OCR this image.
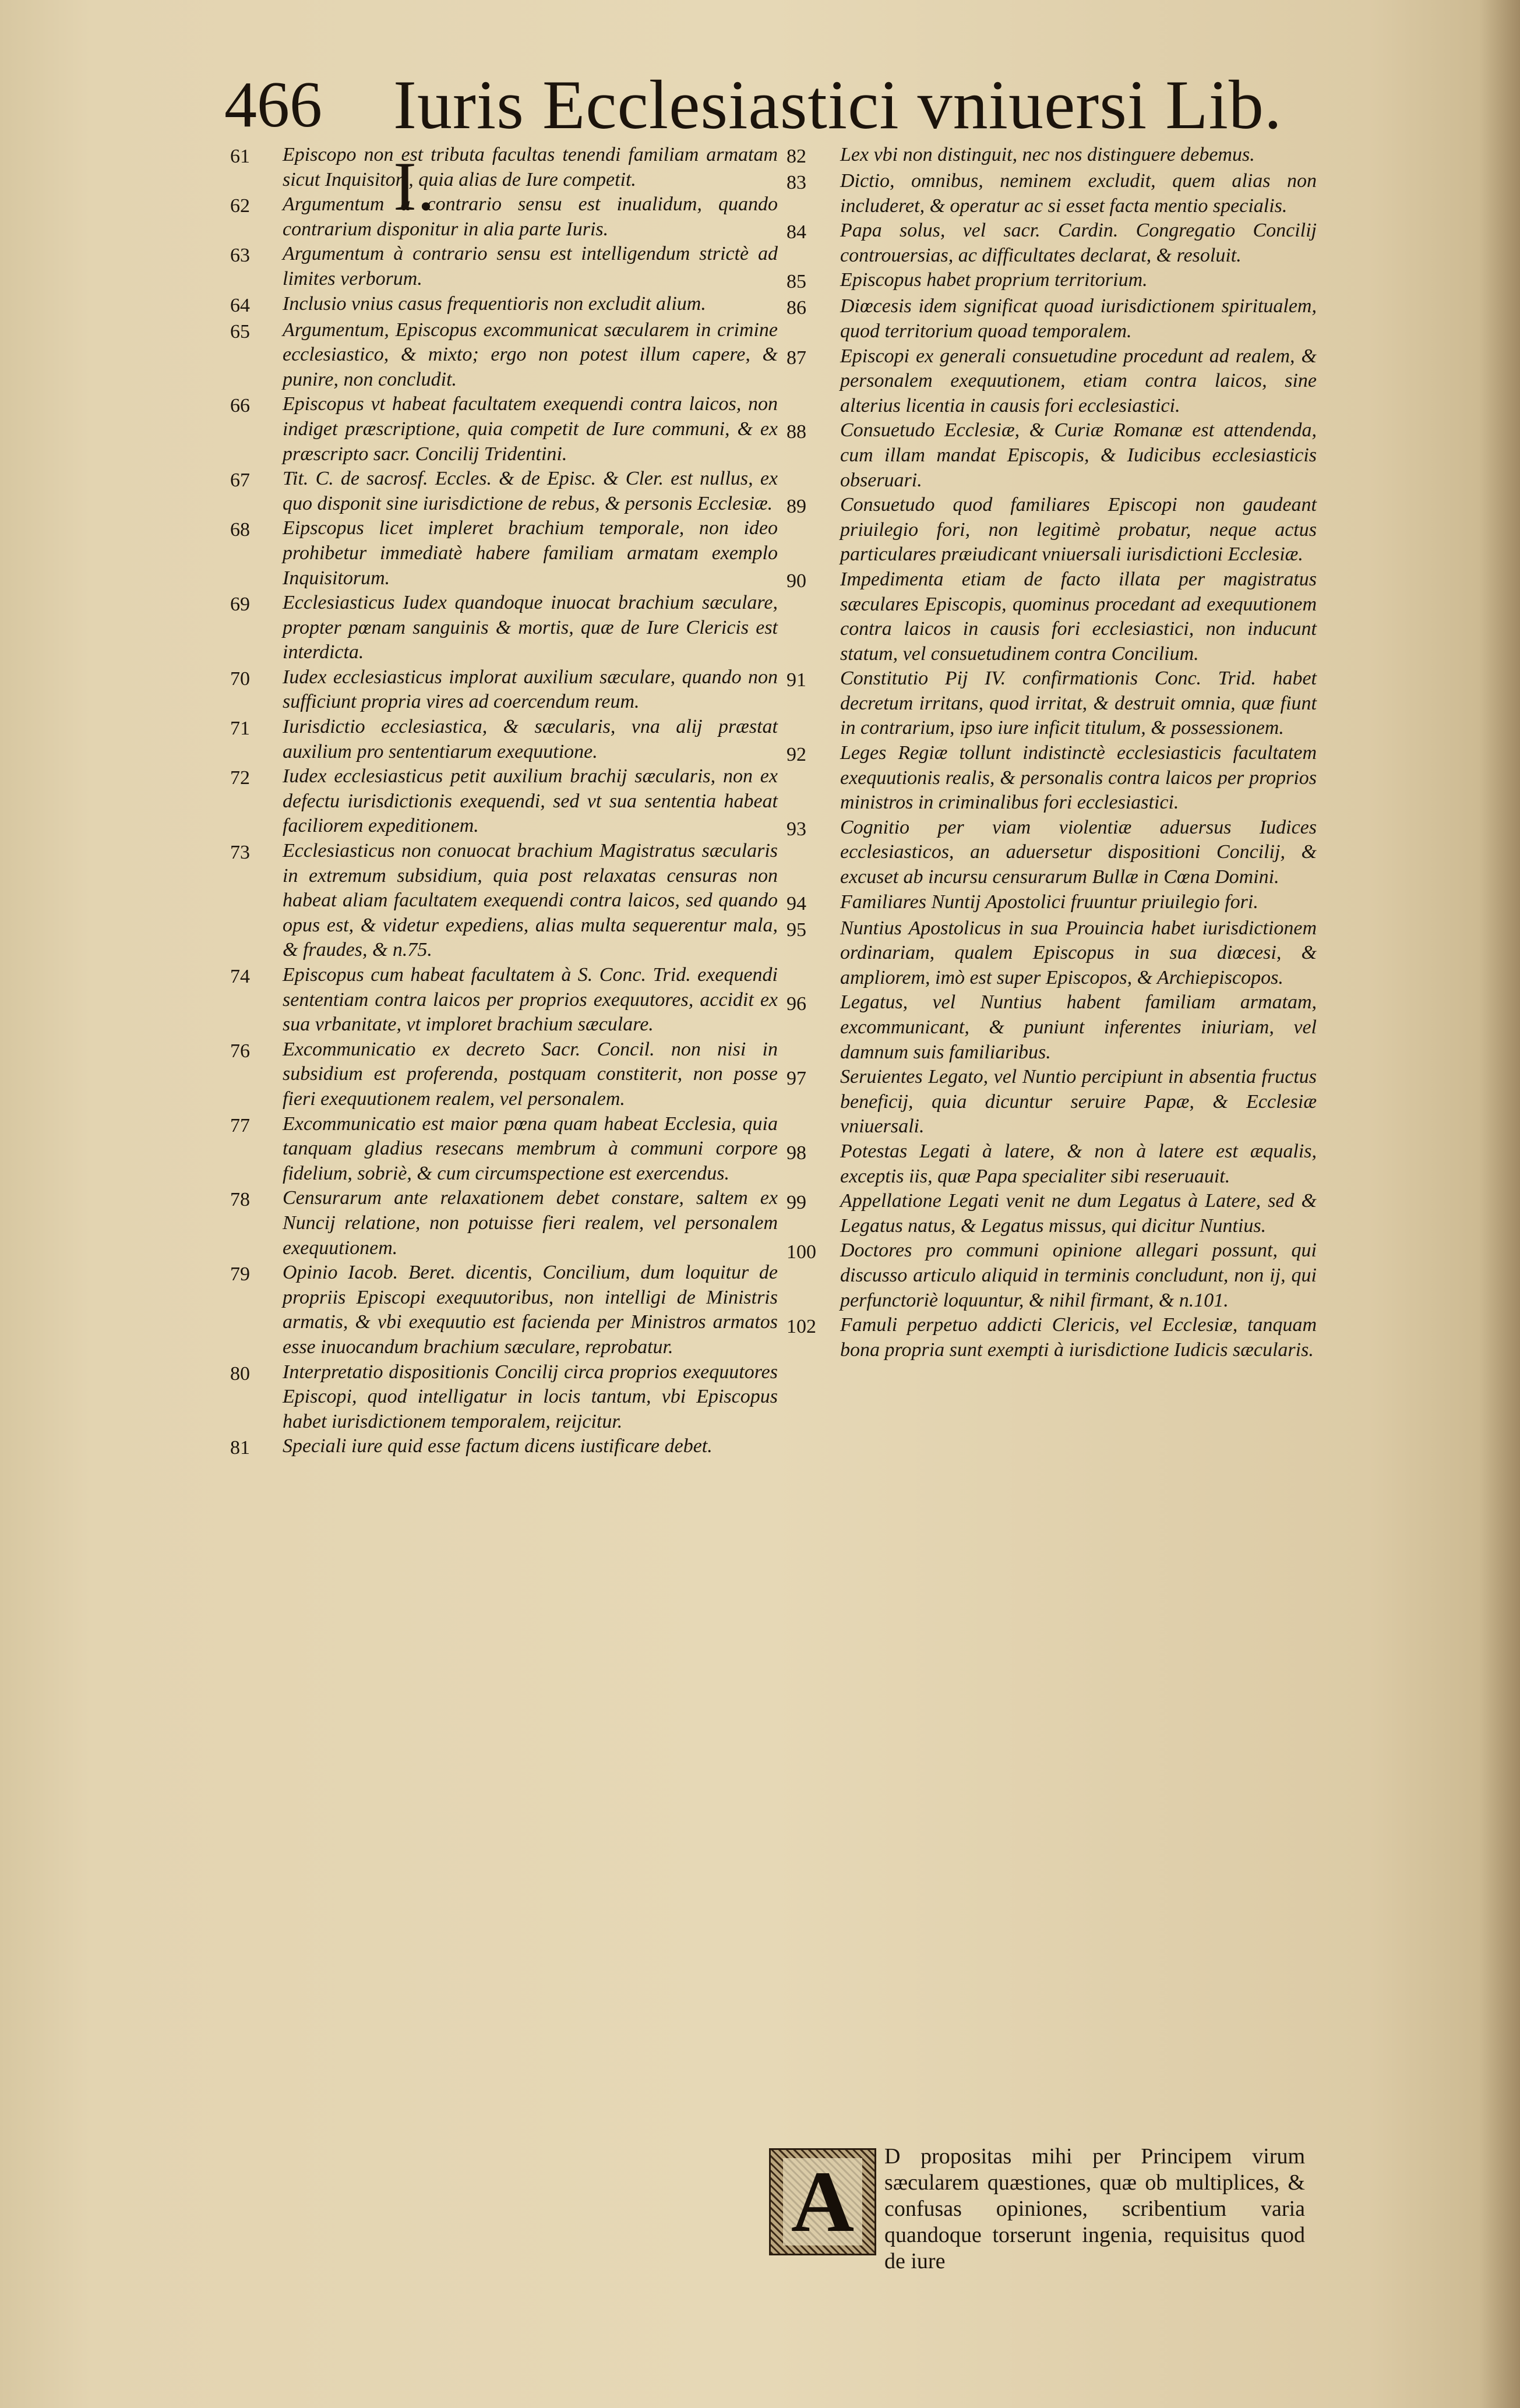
466 Iuris Ecclesiastici vniuersi Lib. I.
61	Episcopo non est tributa facultas tenendi familiam armatam sicut Inquisitori, quia alias de Iure competit.
62	Argumentum à contrario sensu est inualidum, quando contrarium disponitur in alia parte Iuris.
63	Argumentum à contrario sensu est intelligendum strictè ad limites verborum.
64	Inclusio vnius casus frequentioris non excludit alium.
65	Argumentum, Episcopus excommunicat sæcularem in crimine ecclesiastico, & mixto; ergo non potest illum capere, & punire, non concludit.
66	Episcopus vt habeat facultatem exequendi contra laicos, non indiget præscriptione, quia competit de Iure communi, & ex præscripto sacr. Concilij Tridentini.
67	Tit. C. de sacrosf. Eccles. & de Episc. & Cler. est nullus, ex quo disponit sine iurisdictione de rebus, & personis Ecclesiæ.
68	Eipscopus licet impleret brachium temporale, non ideo prohibetur immediatè habere familiam armatam exemplo Inquisitorum.
69	Ecclesiasticus Iudex quandoque inuocat brachium sæculare, propter pœnam sanguinis & mortis, quæ de Iure Clericis est interdicta.
70	Iudex ecclesiasticus implorat auxilium sæculare, quando non sufficiunt propria vires ad coercendum reum.
71	Iurisdictio ecclesiastica, & sæcularis, vna alij præstat auxilium pro sententiarum exequutione.
72	Iudex ecclesiasticus petit auxilium brachij sæcularis, non ex defectu iurisdictionis exequendi, sed vt sua sententia habeat faciliorem expeditionem.
73	Ecclesiasticus non conuocat brachium Magistratus sæcularis in extremum subsidium, quia post relaxatas censuras non habeat aliam facultatem exequendi contra laicos, sed quando opus est, & videtur expediens, alias multa sequerentur mala, & fraudes, & n.75.
74	Episcopus cum habeat facultatem à S. Conc. Trid. exequendi sententiam contra laicos per proprios exequutores, accidit ex sua vrbanitate, vt imploret brachium sæculare.
76	Excommunicatio ex decreto Sacr. Concil. non nisi in subsidium est proferenda, postquam constiterit, non posse fieri exequutionem realem, vel personalem.
77	Excommunicatio est maior pœna quam habeat Ecclesia, quia tanquam gladius resecans membrum à communi corpore fidelium, sobriè, & cum circumspectione est exercendus.
78	Censurarum ante relaxationem debet constare, saltem ex Nuncij relatione, non potuisse fieri realem, vel personalem exequutionem.
79	Opinio Iacob. Beret. dicentis, Concilium, dum loquitur de propriis Episcopi exequutoribus, non intelligi de Ministris armatis, & vbi exequutio est facienda per Ministros armatos esse inuocandum brachium sæculare, reprobatur.
80	Interpretatio dispositionis Concilij circa proprios exequutores Episcopi, quod intelligatur in locis tantum, vbi Episcopus habet iurisdictionem temporalem, reijcitur.
81	Speciali iure quid esse factum dicens iustificare debet.
82	Lex vbi non distinguit, nec nos distinguere debemus.
83	Dictio, omnibus, neminem excludit, quem alias non includeret, & operatur ac si esset facta mentio specialis.
84	Papa solus, vel sacr. Cardin. Congregatio Concilij controuersias, ac difficultates declarat, & resoluit.
85	Episcopus habet proprium territorium.
86	Diœcesis idem significat quoad iurisdictionem spiritualem, quod territorium quoad temporalem.
87	Episcopi ex generali consuetudine procedunt ad realem, & personalem exequutionem, etiam contra laicos, sine alterius licentia in causis fori ecclesiastici.
88	Consuetudo Ecclesiæ, & Curiæ Romanæ est attendenda, cum illam mandat Episcopis, & Iudicibus ecclesiasticis obseruari.
89	Consuetudo quod familiares Episcopi non gaudeant priuilegio fori, non legitimè probatur, neque actus particulares præiudicant vniuersali iurisdictioni Ecclesiæ.
90	Impedimenta etiam de facto illata per magistratus sæculares Episcopis, quominus procedant ad exequutionem contra laicos in causis fori ecclesiastici, non inducunt statum, vel consuetudinem contra Concilium.
91	Constitutio Pij IV. confirmationis Conc. Trid. habet decretum irritans, quod irritat, & destruit omnia, quæ fiunt in contrarium, ipso iure inficit titulum, & possessionem.
92	Leges Regiæ tollunt indistinctè ecclesiasticis facultatem exequutionis realis, & personalis contra laicos per proprios ministros in criminalibus fori ecclesiastici.
93	Cognitio per viam violentiæ aduersus Iudices ecclesiasticos, an aduersetur dispositioni Concilij, & excuset ab incursu censurarum Bullæ in Cœna Domini.
94	Familiares Nuntij Apostolici fruuntur priuilegio fori.
95	Nuntius Apostolicus in sua Prouincia habet iurisdictionem ordinariam, qualem Episcopus in sua diœcesi, & ampliorem, imò est super Episcopos, & Archiepiscopos.
96	Legatus, vel Nuntius habent familiam armatam, excommunicant, & puniunt inferentes iniuriam, vel damnum suis familiaribus.
97	Seruientes Legato, vel Nuntio percipiunt in absentia fructus beneficij, quia dicuntur seruire Papæ, & Ecclesiæ vniuersali.
98	Potestas Legati à latere, & non à latere est æqualis, exceptis iis, quæ Papa specialiter sibi reseruauit.
99	Appellatione Legati venit ne dum Legatus à Latere, sed & Legatus natus, & Legatus missus, qui dicitur Nuntius.
100	Doctores pro communi opinione allegari possunt, qui discusso articulo aliquid in terminis concludunt, non ij, qui perfunctoriè loquuntur, & nihil firmant, & n.101.
102	Famuli perpetuo addicti Clericis, vel Ecclesiæ, tanquam bona propria sunt exempti à iurisdictione Iudicis sæcularis.
A	D propositas mihi per Principem virum sæcularem quæstiones, quæ ob multiplices, & confusas opiniones, scribentium varia quandoque torserunt ingenia, requisitus quod de iure
